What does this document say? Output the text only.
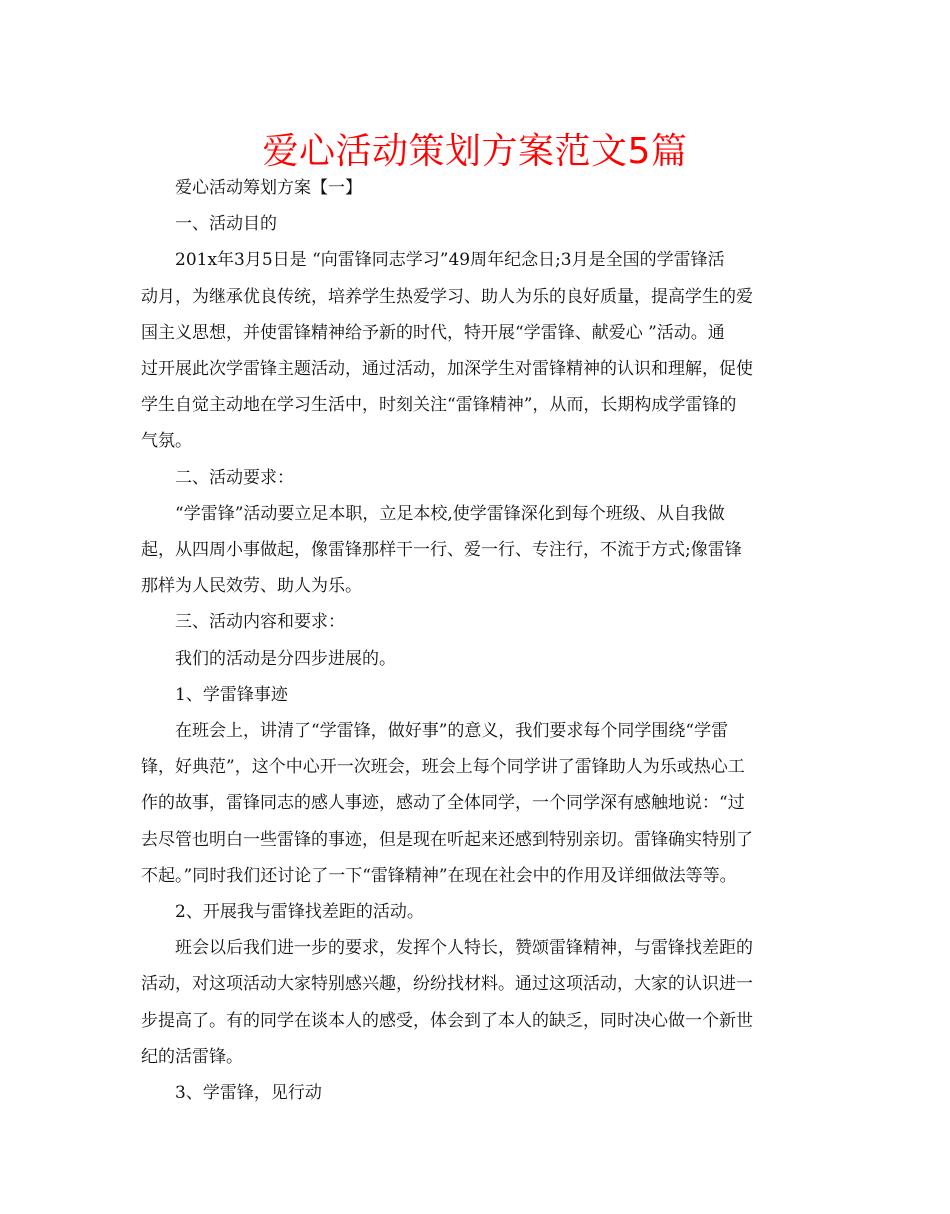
爱心活动策划方案范文5篇
爱心活动筹划方案【一】
一、活动目的
201x年3月5日是 “向雷锋同志学习”49周年纪念日;3月是全国的学雷锋活
动月，为继承优良传统，培养学生热爱学习、助人为乐的良好质量，提高学生的爱
国主义思想，并使雷锋精神给予新的时代，特开展“学雷锋、献爱心 ”活动。通
过开展此次学雷锋主题活动，通过活动，加深学生对雷锋精神的认识和理解，促使
学生自觉主动地在学习生活中，时刻关注“雷锋精神”，从而，长期构成学雷锋的
气氛。
二、活动要求：
“学雷锋”活动要立足本职，立足本校,使学雷锋深化到每个班级、从自我做
起，从四周小事做起，像雷锋那样干一行、爱一行、专注行，不流于方式;像雷锋
那样为人民效劳、助人为乐。
三、活动内容和要求：
我们的活动是分四步进展的。
1、学雷锋事迹
在班会上，讲清了“学雷锋，做好事”的意义，我们要求每个同学围绕“学雷
锋，好典范”，这个中心开一次班会，班会上每个同学讲了雷锋助人为乐或热心工
作的故事，雷锋同志的感人事迹，感动了全体同学，一个同学深有感触地说：“过
去尽管也明白一些雷锋的事迹，但是现在听起来还感到特别亲切。雷锋确实特别了
不起。”同时我们还讨论了一下“雷锋精神”在现在社会中的作用及详细做法等等。
2、开展我与雷锋找差距的活动。
班会以后我们进一步的要求，发挥个人特长，赞颂雷锋精神，与雷锋找差距的
活动，对这项活动大家特别感兴趣，纷纷找材料。通过这项活动，大家的认识进一
步提高了。有的同学在谈本人的感受，体会到了本人的缺乏，同时决心做一个新世
纪的活雷锋。
3、学雷锋，见行动
